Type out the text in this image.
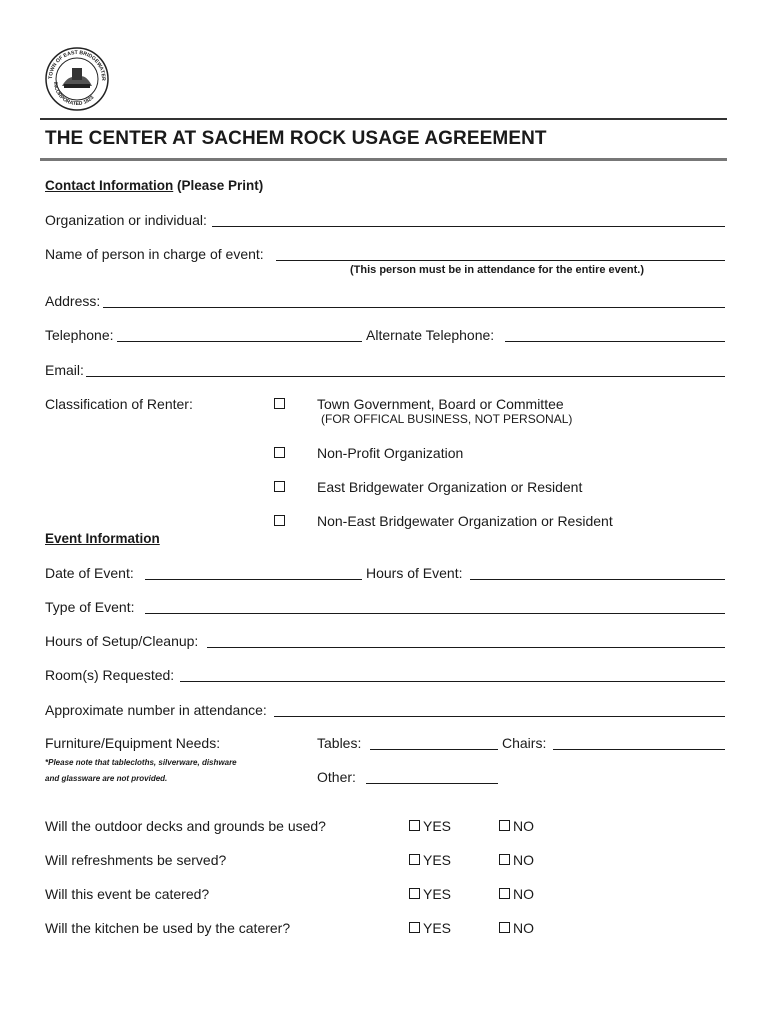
TOWN OF EAST BRIDGEWATER
INCORPORATED 1823
THE CENTER AT SACHEM ROCK USAGE AGREEMENT
Contact Information (Please Print)
Organization or individual:
Name of person in charge of event:
(This person must be in attendance for the entire event.)
Address:
Telephone:	Alternate Telephone:
Email:
Classification of Renter:	Town Government, Board or Committee
(FOR OFFICAL BUSINESS, NOT PERSONAL)
Non-Profit Organization
East Bridgewater Organization or Resident
Non-East Bridgewater Organization or Resident
Event Information
Date of Event:	Hours of Event:
Type of Event:
Hours of Setup/Cleanup:
Room(s) Requested:
Approximate number in attendance:
Furniture/Equipment Needs:
*Please note that tablecloths, silverware, dishware
and glassware are not provided.
Tables:	Chairs:
Other:
Will the outdoor decks and grounds be used?	YES	NO
Will refreshments be served?	YES	NO
Will this event be catered?	YES	NO
Will the kitchen be used by the caterer?	YES	NO
